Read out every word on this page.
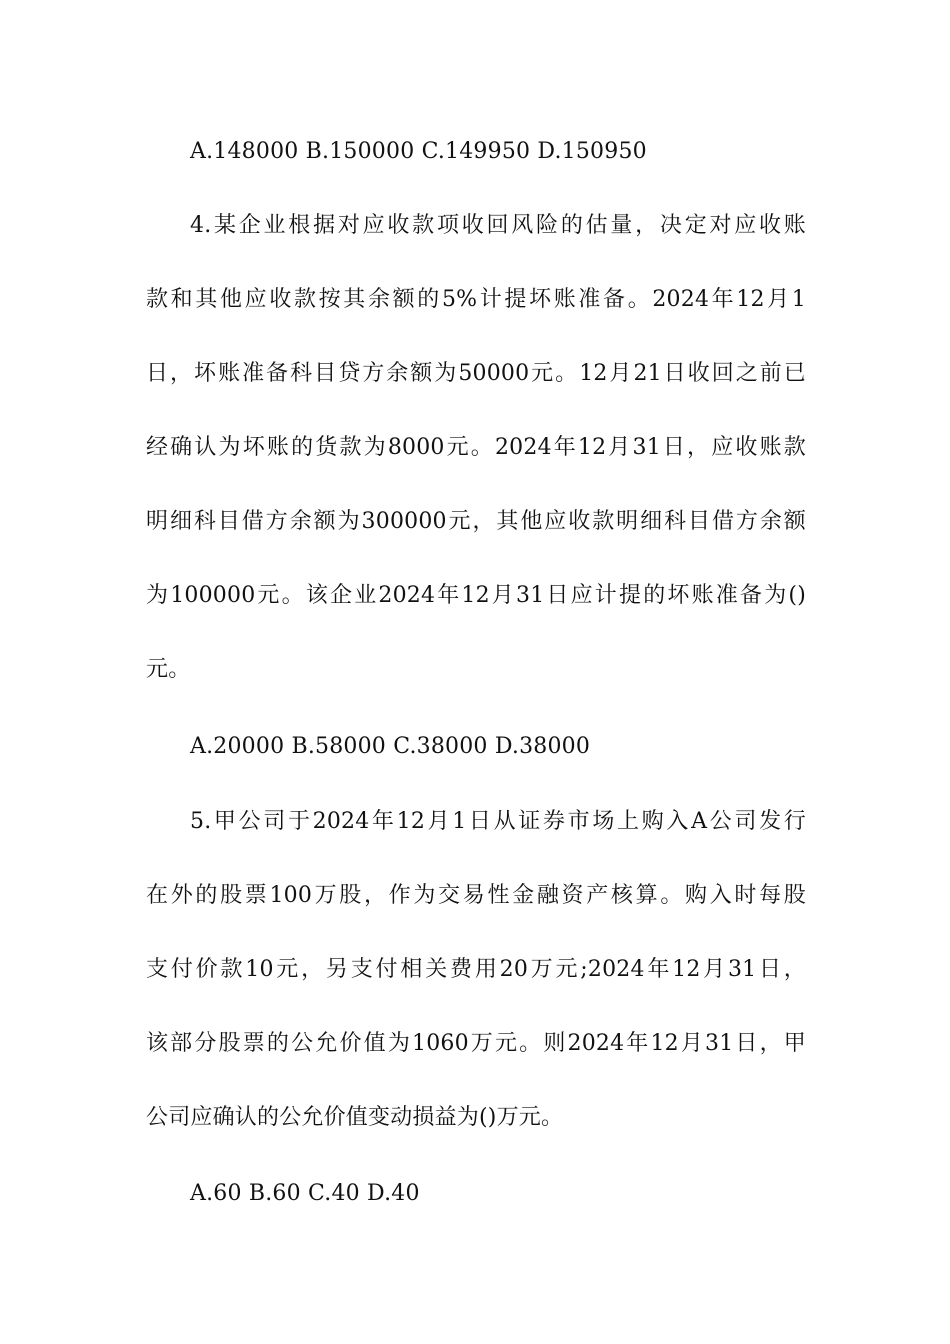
A.148000 B.150000 C.149950 D.150950
4.某企业根据对应收款项收回风险的估量，决定对应收账
款和其他应收款按其余额的5%计提坏账准备。2024年12月1
日，坏账准备科目贷方余额为50000元。12月21日收回之前已
经确认为坏账的货款为8000元。2024年12月31日，应收账款
明细科目借方余额为300000元，其他应收款明细科目借方余额
为100000元。该企业2024年12月31日应计提的坏账准备为()
元。
A.20000 B.58000 C.38000 D.38000
5.甲公司于2024年12月1日从证券市场上购入A公司发行
在外的股票100万股，作为交易性金融资产核算。购入时每股
支付价款10元，另支付相关费用20万元;2024年12月31日，
该部分股票的公允价值为1060万元。则2024年12月31日，甲
公司应确认的公允价值变动损益为()万元。
A.60 B.60 C.40 D.40
